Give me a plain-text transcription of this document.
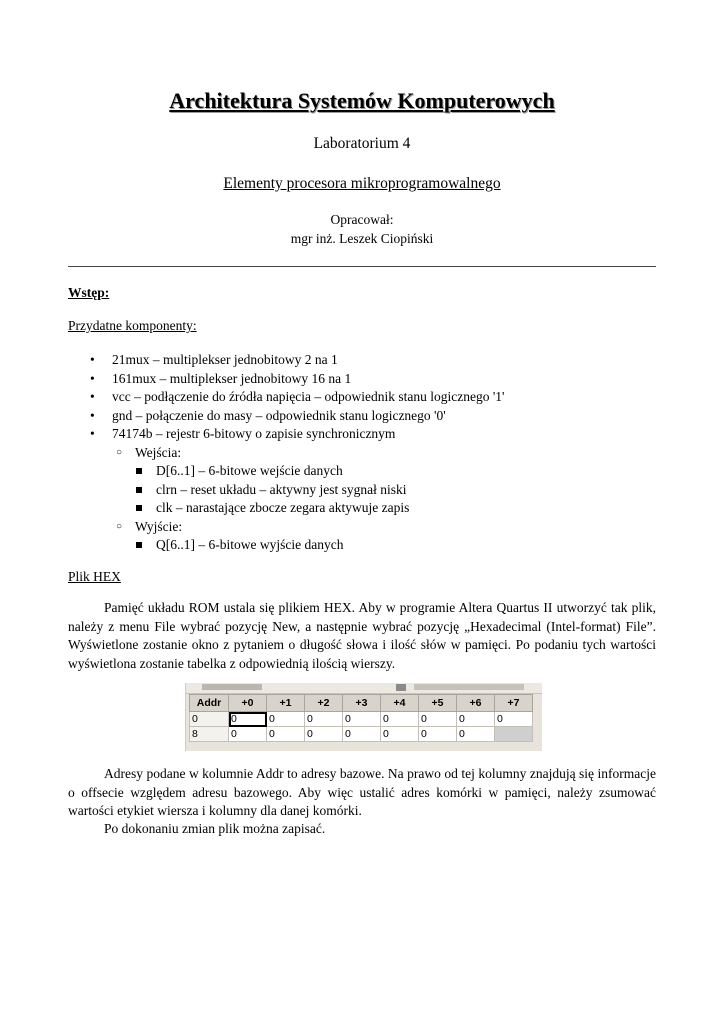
Architektura Systemów Komputerowych
Laboratorium 4
Elementy procesora mikroprogramowalnego
Opracował:
mgr inż. Leszek Ciopiński
Wstęp:
Przydatne komponenty:
• 21mux – multiplekser jednobitowy 2 na 1
• 161mux – multiplekser jednobitowy 16 na 1
• vcc – podłączenie do źródła napięcia – odpowiednik stanu logicznego '1'
• gnd – połączenie do masy – odpowiednik stanu logicznego '0'
• 74174b – rejestr 6-bitowy o zapisie synchronicznym
○ Wejścia:
D[6..1] – 6-bitowe wejście danych
clrn – reset układu – aktywny jest sygnał niski
clk – narastające zbocze zegara aktywuje zapis
○ Wyjście:
Q[6..1] – 6-bitowe wyjście danych
Plik HEX
Pamięć układu ROM ustala się plikiem HEX. Aby w programie Altera Quartus II utworzyć tak plik, należy z menu File wybrać pozycję New, a następnie wybrać pozycję „Hexadecimal (Intel-format) File”. Wyświetlone zostanie okno z pytaniem o długość słowa i ilość słów w pamięci. Po podaniu tych wartości wyświetlona zostanie tabelka z odpowiednią ilością wierszy.
Addr	+0	+1	+2	+3	+4	+5	+6	+7
0	0	0	0	0	0	0	0	0
8	0	0	0	0	0	0	0	
Adresy podane w kolumnie Addr to adresy bazowe. Na prawo od tej kolumny znajdują się informacje o offsecie względem adresu bazowego. Aby więc ustalić adres komórki w pamięci, należy zsumować wartości etykiet wiersza i kolumny dla danej komórki.
Po dokonaniu zmian plik można zapisać.
